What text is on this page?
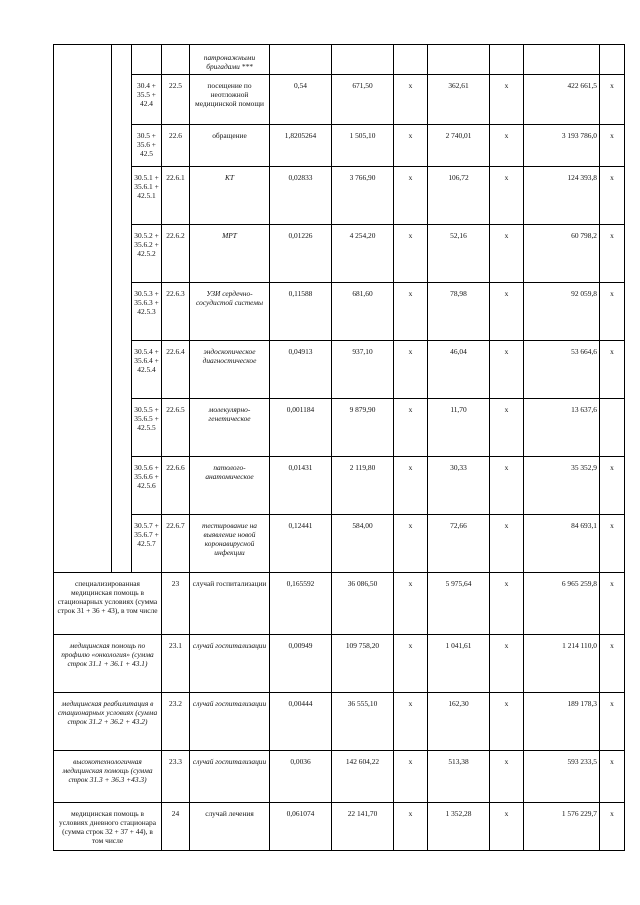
				патронажными бригадами ***							
		30.4 + 35.5 + 42.4	22.5	посещение по неотложной медицинской помощи	0,54	671,50	х	362,61	х	422 661,5	х
		30.5 + 35.6 + 42.5	22.6	обращение	1,8205264	1 505,10	х	2 740,01	х	3 193 786,0	х
		30.5.1 + 35.6.1 + 42.5.1	22.6.1	КТ	0,02833	3 766,90	х	106,72	х	124 393,8	х
		30.5.2 + 35.6.2 + 42.5.2	22.6.2	МРТ	0,01226	4 254,20	х	52,16	х	60 798,2	х
		30.5.3 + 35.6.3 + 42.5.3	22.6.3	УЗИ сердечно-сосудистой системы	0,11588	681,60	х	78,98	х	92 059,8	х
		30.5.4 + 35.6.4 + 42.5.4	22.6.4	эндоскопическое диагностическое	0,04913	937,10	х	46,04	х	53 664,6	х
		30.5.5 + 35.6.5 + 42.5.5	22.6.5	молекулярно-генетическое	0,001184	9 879,90	х	11,70	х	13 637,6	
		30.5.6 + 35.6.6 + 42.5.6	22.6.6	патолого-анатомическое	0,01431	2 119,80	х	30,33	х	35 352,9	х
		30.5.7 + 35.6.7 + 42.5.7	22.6.7	тестирование на выявление новой коронавирусной инфекции	0,12441	584,00	х	72,66	х	84 693,1	х
специализированная медицинская помощь в стационарных условиях (сумма строк 31 + 36 + 43), в том числе			23	случай госпитализации	0,165592	36 086,50	х	5 975,64	х	6 965 259,8	х
медицинская помощь по профилю «онкология» (сумма строк 31.1 + 36.1 + 43.1)			23.1	случай госпитализации	0,00949	109 758,20	х	1 041,61	х	1 214 110,0	х
медицинская реабилитация в стационарных условиях (сумма строк 31.2 + 36.2 + 43.2)			23.2	случай госпитализации	0,00444	36 555,10	х	162,30	х	189 178,3	х
высокотехнологичная медицинская помощь (сумма строк 31.3 + 36.3 +43.3)			23.3	случай госпитализации	0,0036	142 604,22	х	513,38	х	593 233,5	х
медицинская помощь в условиях дневного стационара (сумма строк 32 + 37 + 44), в том числе			24	случай лечения	0,061074	22 141,70	х	1 352,28	х	1 576 229,7	х
